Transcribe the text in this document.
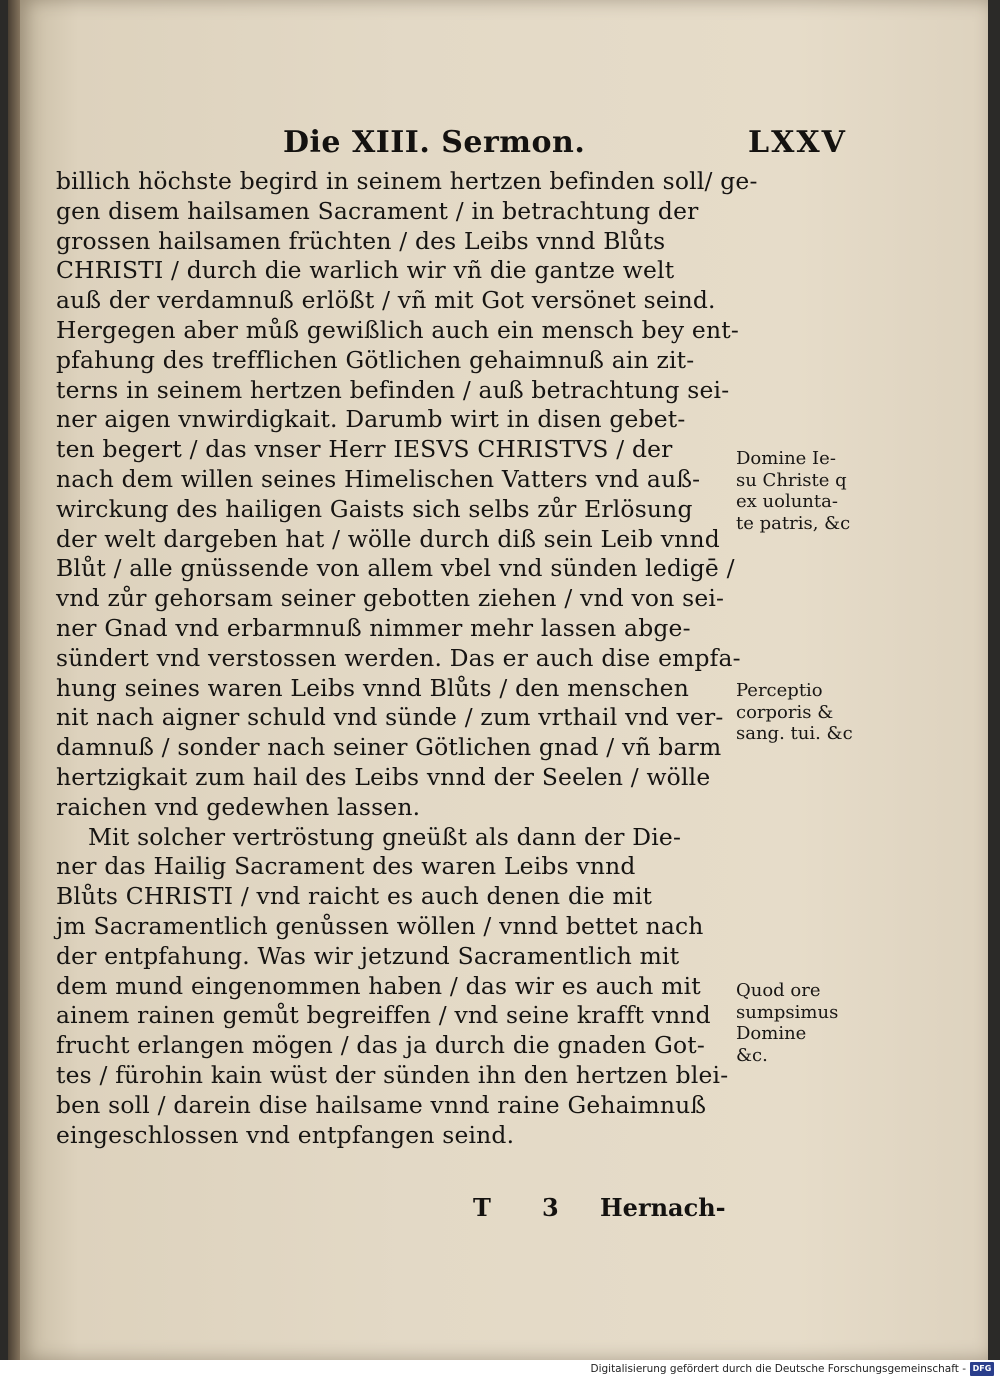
Die XIII. Sermon.	LXXV
billich höchste begird in seinem hertzen befinden soll/ ge-
gen disem hailsamen Sacrament / in betrachtung der
grossen hailsamen früchten / des Leibs vnnd Blůts
CHRISTI / durch die warlich wir vñ die gantze welt
auß der verdamnuß erlößt / vñ mit Got versönet seind.
Hergegen aber můß gewißlich auch ein mensch bey ent-
pfahung des trefflichen Götlichen gehaimnuß ain zit-
terns in seinem hertzen befinden / auß betrachtung sei-
ner aigen vnwirdigkait. Darumb wirt in disen gebet-
ten begert / das vnser Herr IESVS CHRISTVS / der
nach dem willen seines Himelischen Vatters vnd auß-
wirckung des hailigen Gaists sich selbs zůr Erlösung
der welt dargeben hat / wölle durch diß sein Leib vnnd
Blůt / alle gnüssende von allem vbel vnd sünden ledigē /
vnd zůr gehorsam seiner gebotten ziehen / vnd von sei-
ner Gnad vnd erbarmnuß nimmer mehr lassen abge-
sündert vnd verstossen werden. Das er auch dise empfa-
hung seines waren Leibs vnnd Blůts / den menschen
nit nach aigner schuld vnd sünde / zum vrthail vnd ver-
damnuß / sonder nach seiner Götlichen gnad / vñ barm
hertzigkait zum hail des Leibs vnnd der Seelen / wölle
raichen vnd gedewhen lassen.
Mit solcher vertröstung gneüßt als dann der Die-
ner das Hailig Sacrament des waren Leibs vnnd
Blůts CHRISTI / vnd raicht es auch denen die mit
jm Sacramentlich genůssen wöllen / vnnd bettet nach
der entpfahung. Was wir jetzund Sacramentlich mit
dem mund eingenommen haben / das wir es auch mit
ainem rainen gemůt begreiffen / vnd seine krafft vnnd
frucht erlangen mögen / das ja durch die gnaden Got-
tes / fürohin kain wüst der sünden ihn den hertzen blei-
ben soll / darein dise hailsame vnnd raine Gehaimnuß
eingeschlossen vnd entpfangen seind.
T 3 Hernach-
Domine Ie-
su Christe q
ex uolunta-
te patris, &c
Perceptio
corporis &
sang. tui. &c
Quod ore
sumpsimus
Domine
&c.
Digitalisierung gefördert durch die Deutsche Forschungsgemeinschaft - DFG
